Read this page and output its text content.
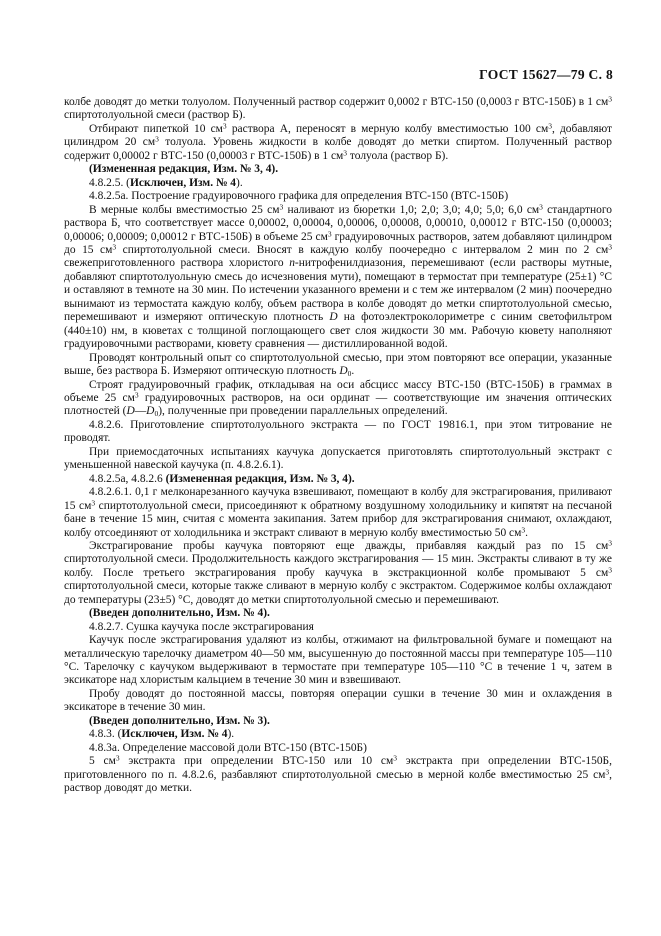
ГОСТ 15627—79 С. 8

колбе доводят до метки толуолом. Полученный раствор содержит 0,0002 г ВТС-150 (0,0003 г ВТС-150Б) в 1 $см^3$ спиртотолуольной смеси (раствор Б).

Отбирают пипеткой 10 $см^3$ раствора А, переносят в мерную колбу вместимостью 100 $см^3$, добавляют цилиндром 20 $см^3$ толуола. Уровень жидкости в колбе доводят до метки спиртом. Полученный раствор содержит 0,00002 г ВТС-150 (0,00003 г ВТС-150Б) в 1 $см^3$ толуола (раствор Б).

(Измененная редакция, Изм. № 3, 4).

4.8.2.5. (Исключен, Изм. № 4).

4.8.2.5а. Построение градуировочного графика для определения ВТС-150 (ВТС-150Б)

В мерные колбы вместимостью 25 $см^3$ наливают из бюретки 1,0; 2,0; 3,0; 4,0; 5,0; 6,0 $см^3$ стандартного раствора Б, что соответствует массе 0,00002, 0,00004, 0,00006, 0,00008, 0,00010, 0,00012 г ВТС-150 (0,00003; 0,00006; 0,00009; 0,00012 г ВТС-150Б) в объеме 25 $см^3$ градуировочных растворов, затем добавляют цилиндром до 15 $см^3$ спиртотолуольной смеси. Вносят в каждую колбу поочередно с интервалом 2 мин по 2 $см^3$ свежеприготовленного раствора хлористого п-нитрофенилдиазония, перемешивают (если растворы мутные, добавляют спиртотолуольную смесь до исчезновения мути), помещают в термостат при температуре (25±1) °С и оставляют в темноте на 30 мин. По истечении указанного времени и с тем же интервалом (2 мин) поочередно вынимают из термостата каждую колбу, объем раствора в колбе доводят до метки спиртотолуольной смесью, перемешивают и измеряют оптическую плотность D на фотоэлектроколориметре с синим светофильтром (440±10) нм, в кюветах с толщиной поглощающего свет слоя жидкости 30 мм. Рабочую кювету наполняют градуировочными растворами, кювету сравнения — дистиллированной водой.

Проводят контрольный опыт со спиртотолуольной смесью, при этом повторяют все операции, указанные выше, без раствора Б. Измеряют оптическую плотность $D_0$.

Строят градуировочный график, откладывая на оси абсцисс массу ВТС-150 (ВТС-150Б) в граммах в объеме 25 $см^3$ градуировочных растворов, на оси ординат — соответствующие им значения оптических плотностей $(D—D_0)$, полученные при проведении параллельных определений.

4.8.2.6. Приготовление спиртотолуольного экстракта — по ГОСТ 19816.1, при этом титрование не проводят.

При приемосдаточных испытаниях каучука допускается приготовлять спиртотолуольный экстракт с уменьшенной навеской каучука (п. 4.8.2.6.1).

4.8.2.5а, 4.8.2.6 (Измененная редакция, Изм. № 3, 4).

4.8.2.6.1. 0,1 г мелконарезанного каучука взвешивают, помещают в колбу для экстрагирования, приливают 15 $см^3$ спиртотолуольной смеси, присоединяют к обратному воздушному холодильнику и кипятят на песчаной бане в течение 15 мин, считая с момента закипания. Затем прибор для экстрагирования снимают, охлаждают, колбу отсоединяют от холодильника и экстракт сливают в мерную колбу вместимостью 50 $см^3$.

Экстрагирование пробы каучука повторяют еще дважды, прибавляя каждый раз по 15 $см^3$ спиртотолуольной смеси. Продолжительность каждого экстрагирования — 15 мин. Экстракты сливают в ту же колбу. После третьего экстрагирования пробу каучука в экстракционной колбе промывают 5 $см^3$ спиртотолуольной смеси, которые также сливают в мерную колбу с экстрактом. Содержимое колбы охлаждают до температуры (23±5) °С, доводят до метки спиртотолуольной смесью и перемешивают.

(Введен дополнительно, Изм. № 4).

4.8.2.7. Сушка каучука после экстрагирования

Каучук после экстрагирования удаляют из колбы, отжимают на фильтровальной бумаге и помещают на металлическую тарелочку диаметром 40—50 мм, высушенную до постоянной массы при температуре 105—110 °С. Тарелочку с каучуком выдерживают в термостате при температуре 105—110 °С в течение 1 ч, затем в эксикаторе над хлористым кальцием в течение 30 мин и взвешивают.

Пробу доводят до постоянной массы, повторяя операции сушки в течение 30 мин и охлаждения в эксикаторе в течение 30 мин.

(Введен дополнительно, Изм. № 3).

4.8.3. (Исключен, Изм. № 4).

4.8.3а. Определение массовой доли ВТС-150 (ВТС-150Б)

5 $см^3$ экстракта при определении ВТС-150 или 10 $см^3$ экстракта при определении ВТС-150Б, приготовленного по п. 4.8.2.6, разбавляют спиртотолуольной смесью в мерной колбе вместимостью 25 $см^3$, раствор доводят до метки.
